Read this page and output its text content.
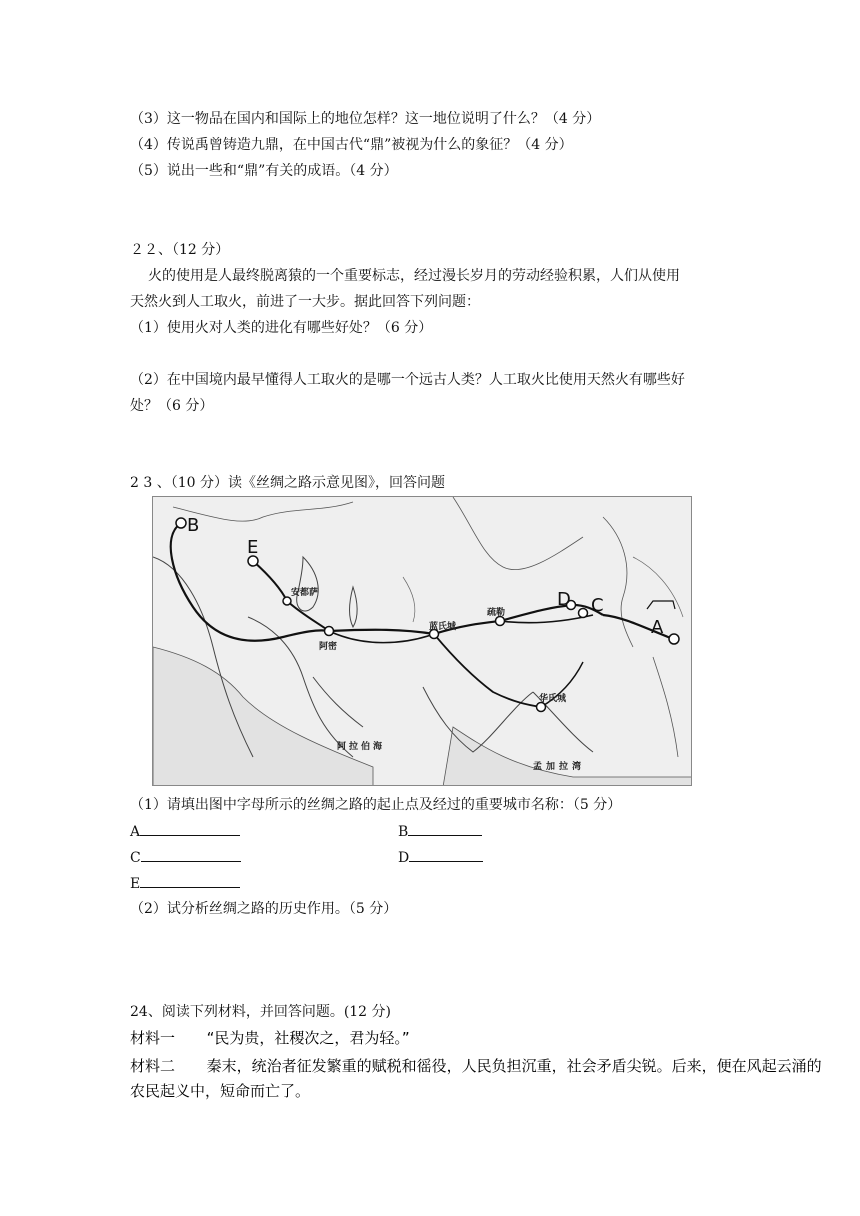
（3）这一物品在国内和国际上的地位怎样？这一地位说明了什么？（4 分）
（4）传说禹曾铸造九鼎，在中国古代“鼎”被视为什么的象征？（4 分）
（5）说出一些和“鼎”有关的成语。（4 分）
２２、（12 分）
火的使用是人最终脱离猿的一个重要标志，经过漫长岁月的劳动经验积累，人们从使用
天然火到人工取火，前进了一大步。据此回答下列问题：
（1）使用火对人类的进化有哪些好处？（6 分）
（2）在中国境内最早懂得人工取火的是哪一个远古人类？人工取火比使用天然火有哪些好
处？（6 分）
2 3 、（10 分）读《丝绸之路示意见图》，回答问题
B
E
D C
A
安都萨
阿密
蓝氏城
疏勒
华氏城
阿拉伯海
孟加拉湾
（1）请填出图中字母所示的丝绸之路的起止点及经过的重要城市名称：（5 分）
A	B
C	D
E
（2）试分析丝绸之路的历史作用。（5 分）
24、阅读下列材料，并回答问题。(12 分)
材料一 “民为贵，社稷次之，君为轻。”
材料二 秦末，统治者征发繁重的赋税和徭役，人民负担沉重，社会矛盾尖锐。后来，便在风起云涌的
农民起义中，短命而亡了。
